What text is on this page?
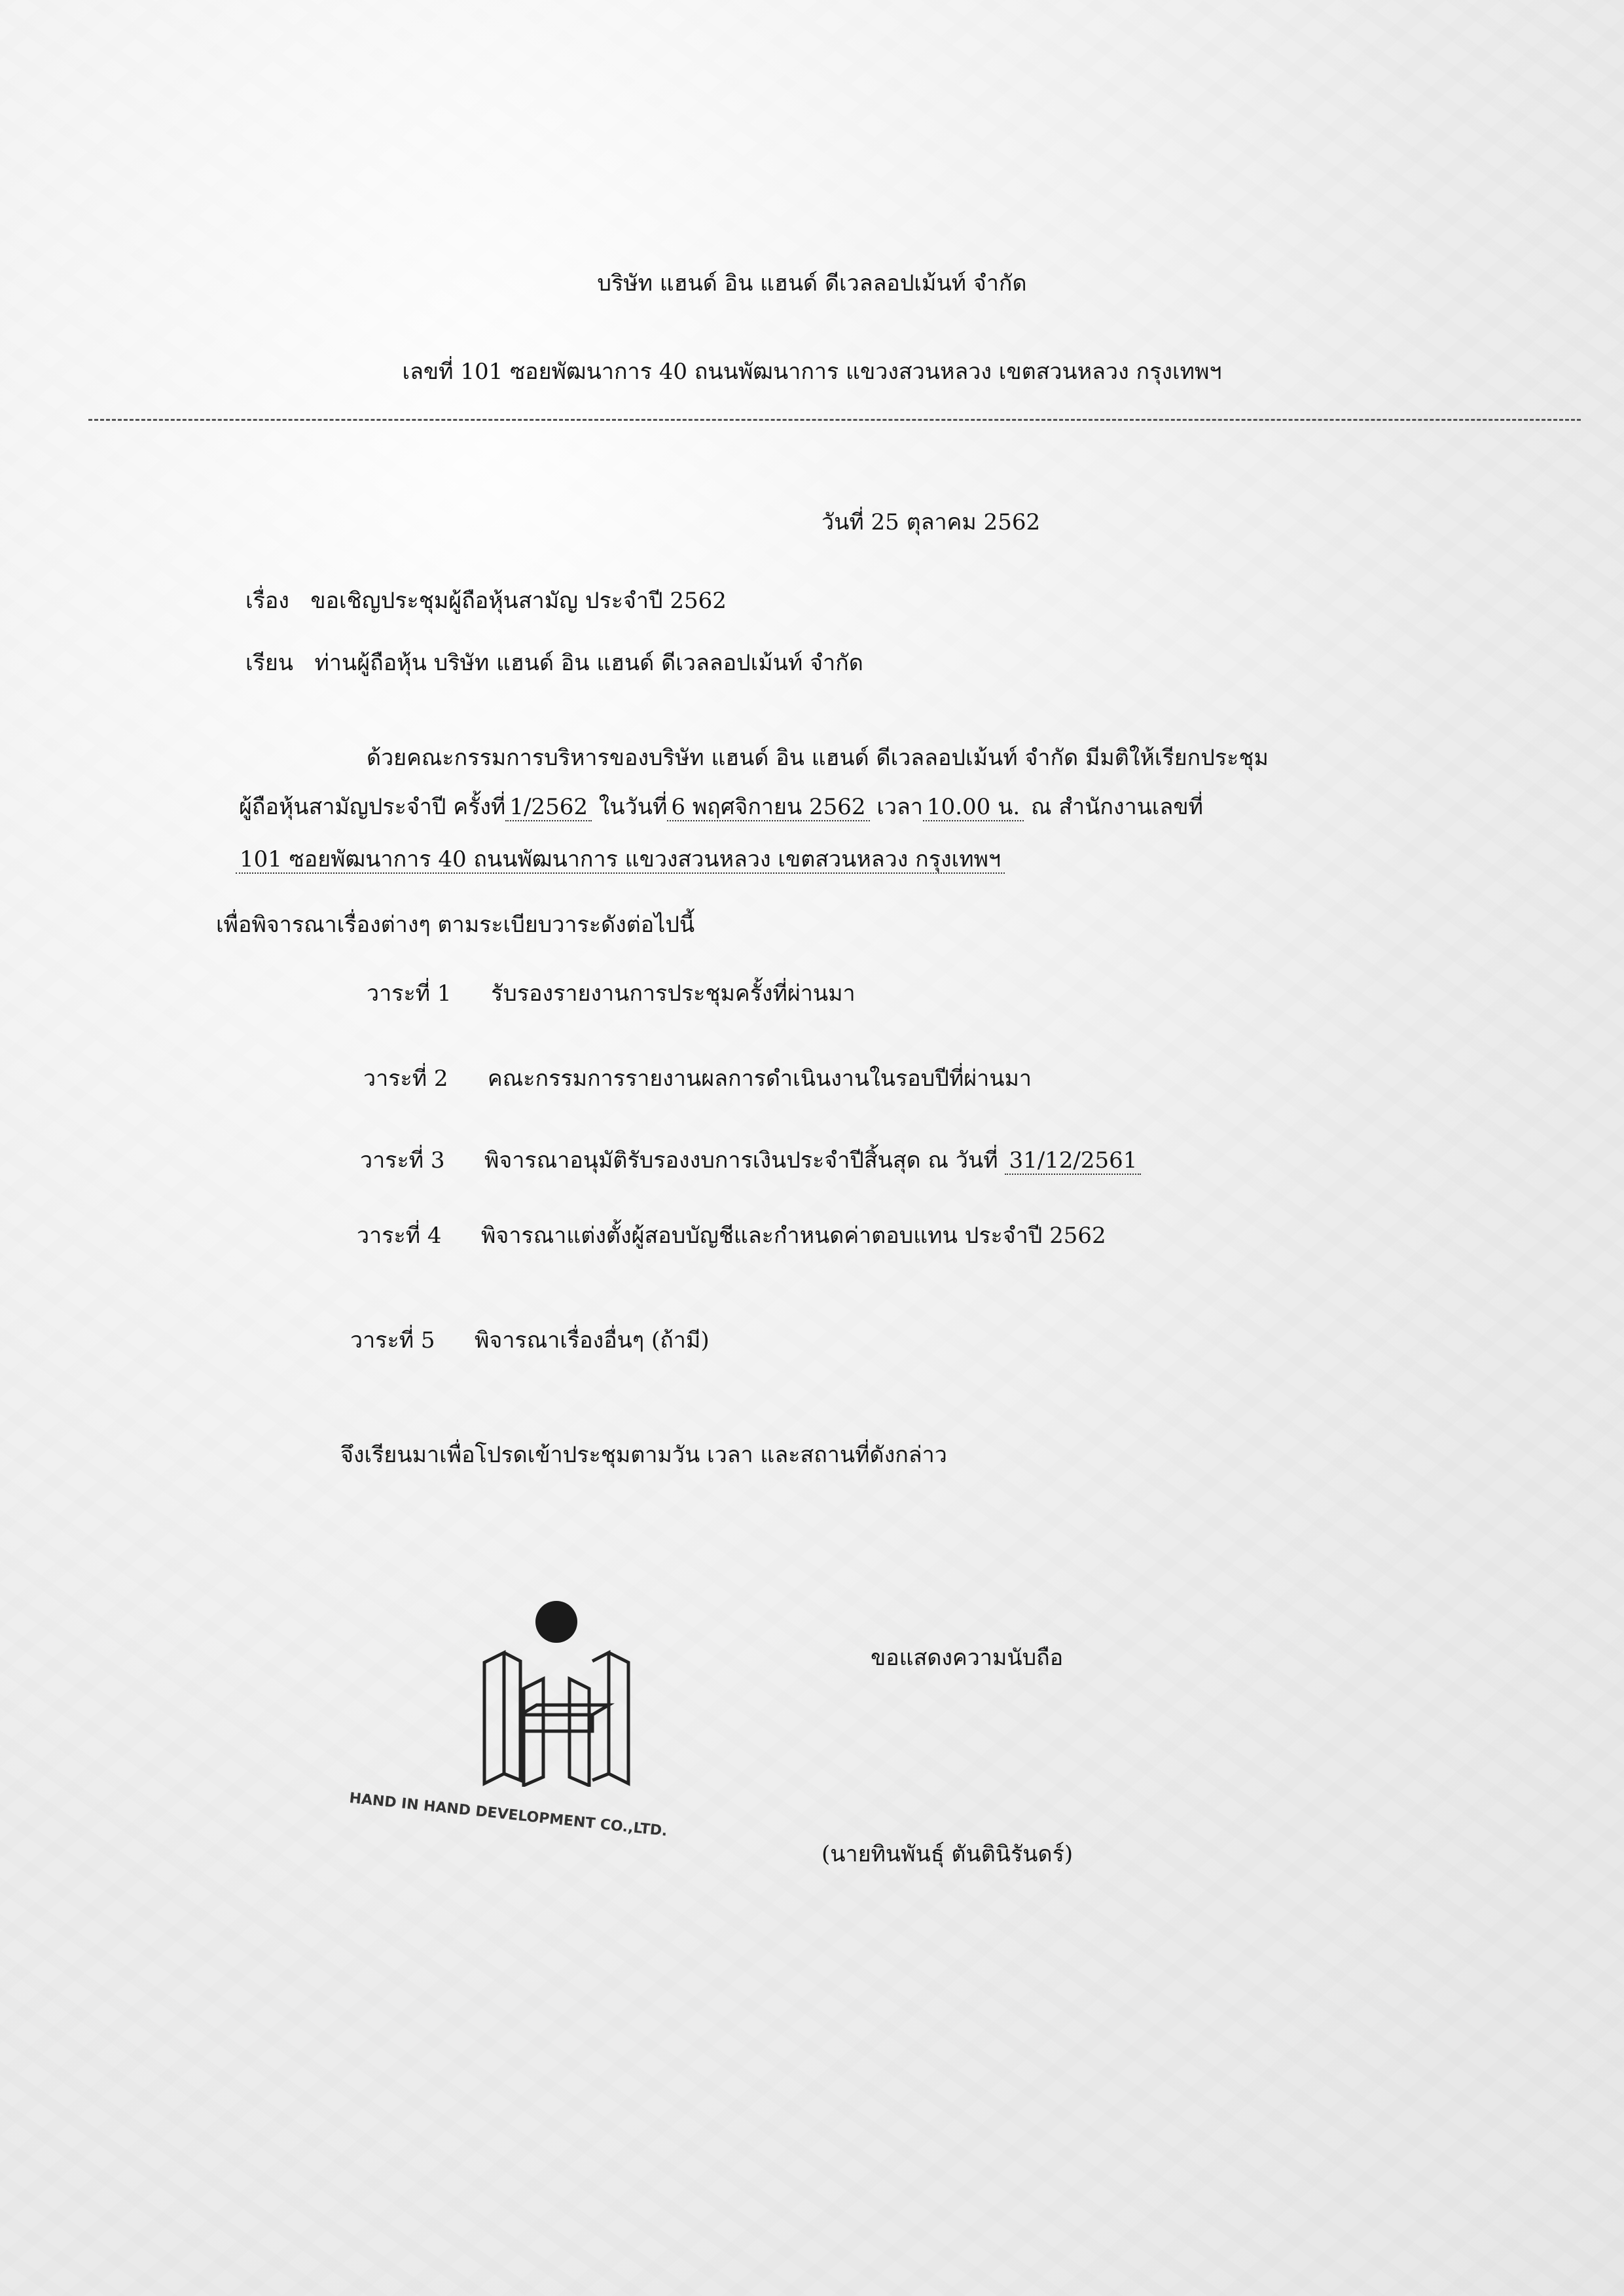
บริษัท แฮนด์ อิน แฮนด์ ดีเวลลอปเม้นท์ จำกัด
เลขที่ 101 ซอยพัฒนาการ 40 ถนนพัฒนาการ แขวงสวนหลวง เขตสวนหลวง กรุงเทพฯ
วันที่ 25 ตุลาคม 2562
เรื่อง ขอเชิญประชุมผู้ถือหุ้นสามัญ ประจำปี 2562
เรียน ท่านผู้ถือหุ้น บริษัท แฮนด์ อิน แฮนด์ ดีเวลลอปเม้นท์ จำกัด
ด้วยคณะกรรมการบริหารของบริษัท แฮนด์ อิน แฮนด์ ดีเวลลอปเม้นท์ จำกัด มีมติให้เรียกประชุม
ผู้ถือหุ้นสามัญประจำปี ครั้งที่ 1/2562 ในวันที่ 6 พฤศจิกายน 2562 เวลา 10.00 น. ณ สำนักงานเลขที่
101 ซอยพัฒนาการ 40 ถนนพัฒนาการ แขวงสวนหลวง เขตสวนหลวง กรุงเทพฯ
เพื่อพิจารณาเรื่องต่างๆ ตามระเบียบวาระดังต่อไปนี้
วาระที่ 1 รับรองรายงานการประชุมครั้งที่ผ่านมา
วาระที่ 2 คณะกรรมการรายงานผลการดำเนินงานในรอบปีที่ผ่านมา
วาระที่ 3 พิจารณาอนุมัติรับรองงบการเงินประจำปีสิ้นสุด ณ วันที่ 31/12/2561
วาระที่ 4 พิจารณาแต่งตั้งผู้สอบบัญชีและกำหนดค่าตอบแทน ประจำปี 2562
วาระที่ 5 พิจารณาเรื่องอื่นๆ (ถ้ามี)
จึงเรียนมาเพื่อโปรดเข้าประชุมตามวัน เวลา และสถานที่ดังกล่าว
HAND IN HAND DEVELOPMENT CO.,LTD.
ขอแสดงความนับถือ
(นายทินพันธุ์ ตันตินิรันดร์)
